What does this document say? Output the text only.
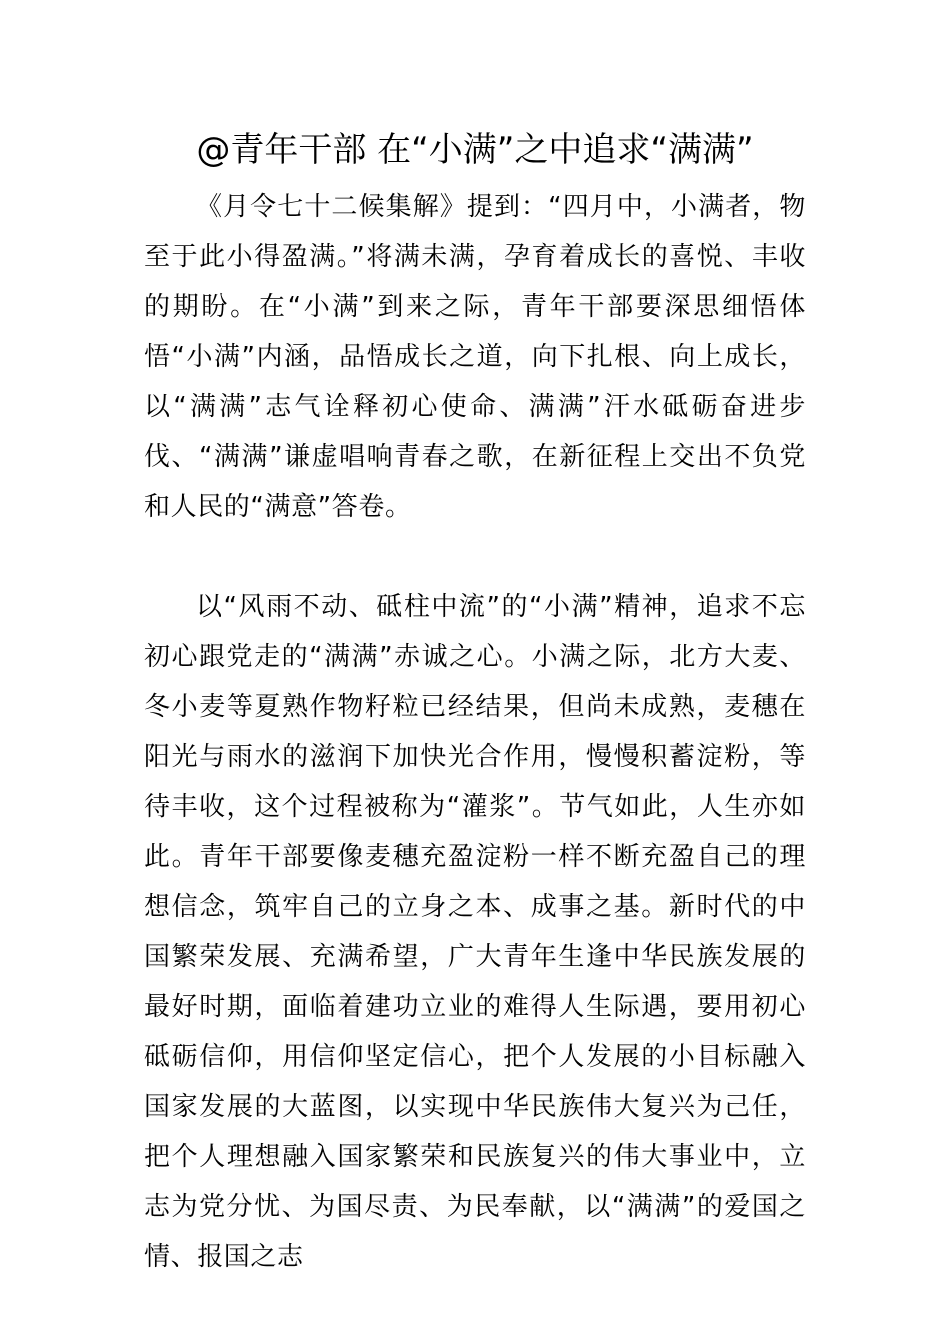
@青年干部 在“小满”之中追求“满满”

《月令七十二候集解》提到：“四月中，小满者，物至于此小得盈满。”将满未满，孕育着成长的喜悦、丰收的期盼。在“小满”到来之际，青年干部要深思细悟体悟“小满”内涵，品悟成长之道，向下扎根、向上成长，以“满满”志气诠释初心使命、满满”汗水砥砺奋进步伐、“满满”谦虚唱响青春之歌，在新征程上交出不负党和人民的“满意”答卷。

以“风雨不动、砥柱中流”的“小满”精神，追求不忘初心跟党走的“满满”赤诚之心。小满之际，北方大麦、冬小麦等夏熟作物籽粒已经结果，但尚未成熟，麦穗在阳光与雨水的滋润下加快光合作用，慢慢积蓄淀粉，等待丰收，这个过程被称为“灌浆”。节气如此，人生亦如此。青年干部要像麦穗充盈淀粉一样不断充盈自己的理想信念，筑牢自己的立身之本、成事之基。新时代的中国繁荣发展、充满希望，广大青年生逢中华民族发展的最好时期，面临着建功立业的难得人生际遇，要用初心砥砺信仰，用信仰坚定信心，把个人发展的小目标融入国家发展的大蓝图，以实现中华民族伟大复兴为己任，把个人理想融入国家繁荣和民族复兴的伟大事业中，立志为党分忧、为国尽责、为民奉献，以“满满”的爱国之情、报国之志
